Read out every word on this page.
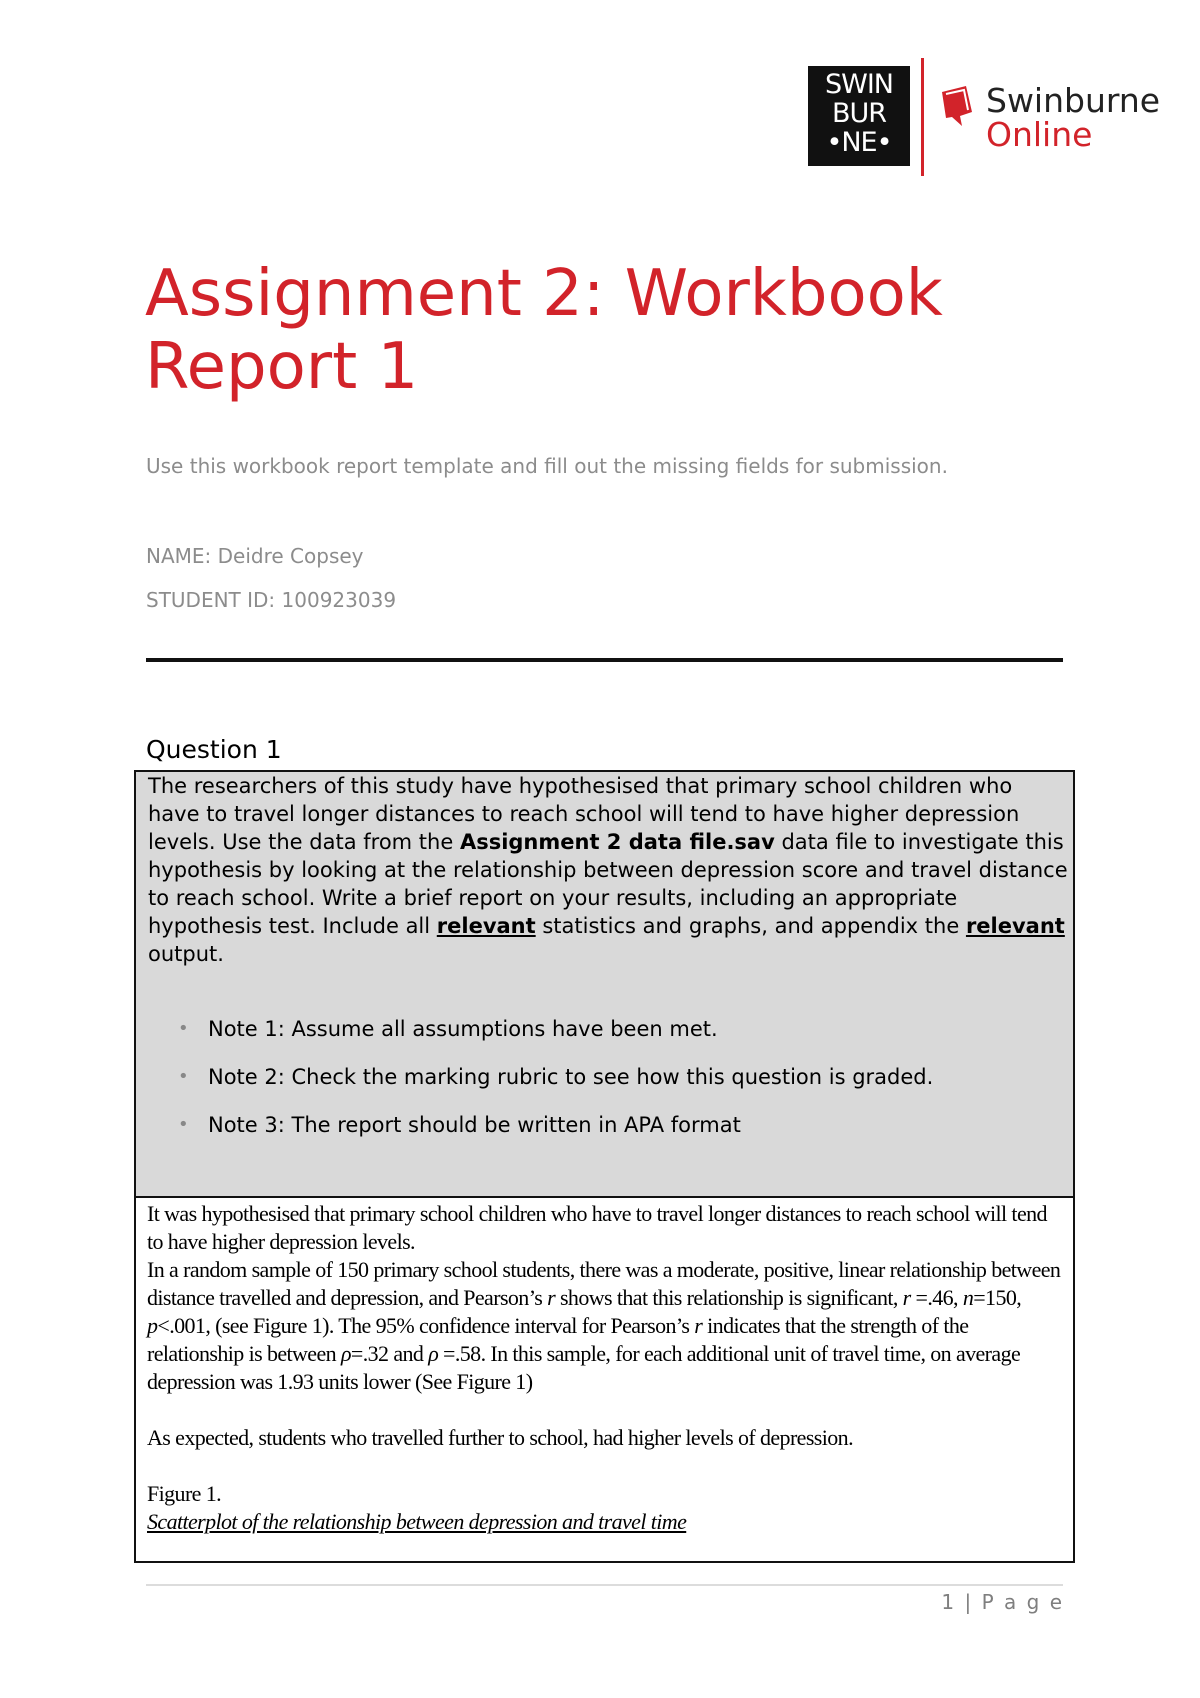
SWIN
BUR
•NE•
Swinburne
Online
Assignment 2: Workbook
Report 1
Use this workbook report template and fill out the missing fields for submission.
NAME: Deidre Copsey
STUDENT ID: 100923039
Question 1
The researchers of this study have hypothesised that primary school children who have to travel longer distances to reach school will tend to have higher depression levels. Use the data from the Assignment 2 data file.sav data file to investigate this hypothesis by looking at the relationship between depression score and travel distance to reach school. Write a brief report on your results, including an appropriate hypothesis test. Include all relevant statistics and graphs, and appendix the relevant output.
• Note 1: Assume all assumptions have been met.
• Note 2: Check the marking rubric to see how this question is graded.
• Note 3: The report should be written in APA format

It was hypothesised that primary school children who have to travel longer distances to reach school will tend to have higher depression levels.

In a random sample of 150 primary school students, there was a moderate, positive, linear relationship between distance travelled and depression, and Pearson’s r shows that this relationship is significant, r =.46, n=150, p<.001, (see Figure 1). The 95% confidence interval for Pearson’s r indicates that the strength of the relationship is between ρ=.32 and ρ =.58. In this sample, for each additional unit of travel time, on average depression was 1.93 units lower (See Figure 1)

As expected, students who travelled further to school, had higher levels of depression.

Figure 1.

Scatterplot of the relationship between depression and travel time

1 | P a g e
